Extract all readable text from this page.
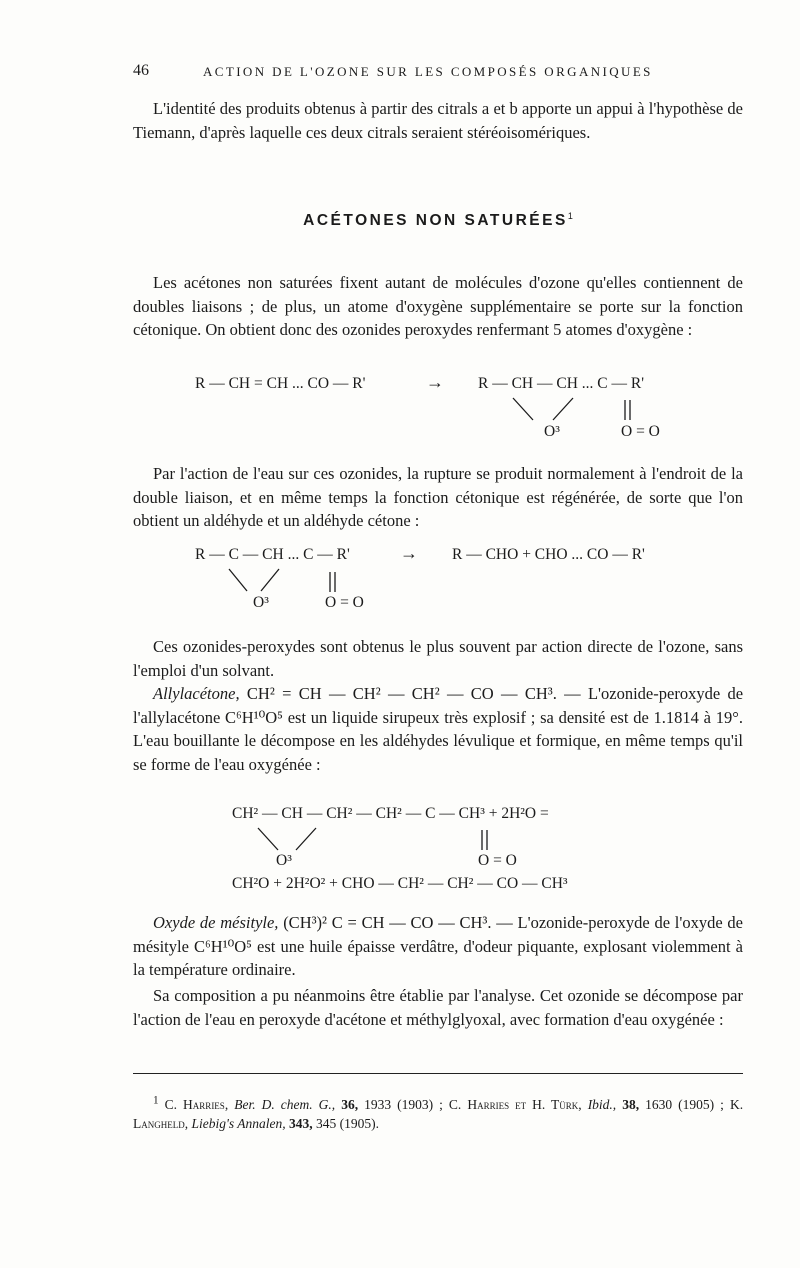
46	ACTION DE L'OZONE SUR LES COMPOSÉS ORGANIQUES
L'identité des produits obtenus à partir des citrals a et b apporte un appui à l'hypothèse de Tiemann, d'après laquelle ces deux citrals seraient stéréoisomériques.
ACÉTONES NON SATURÉES$^1$
Les acétones non saturées fixent autant de molécules d'ozone qu'elles contiennent de doubles liaisons ; de plus, un atome d'oxygène supplémentaire se porte sur la fonction cétonique. On obtient donc des ozonides peroxydes renfermant 5 atomes d'oxygène :
R — CH = CH ... CO — R'	→ R — CH — CH ... C — R'
O³	O = O
Par l'action de l'eau sur ces ozonides, la rupture se produit normalement à l'endroit de la double liaison, et en même temps la fonction cétonique est régénérée, de sorte que l'on obtient un aldéhyde et un aldéhyde cétone :
R — C — CH ... C — R'	→ R — CHO + CHO ... CO — R'
O³	O = O
Ces ozonides-peroxydes sont obtenus le plus souvent par action directe de l'ozone, sans l'emploi d'un solvant.
Allylacétone, CH² = CH — CH² — CH² — CO — CH³. — L'ozonide-peroxyde de l'allylacétone C⁶H¹⁰O⁵ est un liquide sirupeux très explosif ; sa densité est de 1.1814 à 19°. L'eau bouillante le décompose en les aldéhydes lévulique et formique, en même temps qu'il se forme de l'eau oxygénée :
CH² — CH — CH² — CH² — C — CH³ + 2H²O =
O³	O = O
CH²O + 2H²O² + CHO — CH² — CH² — CO — CH³
Oxyde de mésityle, (CH³)² C = CH — CO — CH³. — L'ozonide-peroxyde de l'oxyde de mésityle C⁶H¹⁰O⁵ est une huile épaisse verdâtre, d'odeur piquante, explosant violemment à la température ordinaire.
Sa composition a pu néanmoins être établie par l'analyse. Cet ozonide se décompose par l'action de l'eau en peroxyde d'acétone et méthylglyoxal, avec formation d'eau oxygénée :
$^1$ C. Harries, Ber. D. chem. G., 36, 1933 (1903) ; C. Harries et H. Türk, Ibid., 38, 1630 (1905) ; K. Langheld, Liebig's Annalen, 343, 345 (1905).
